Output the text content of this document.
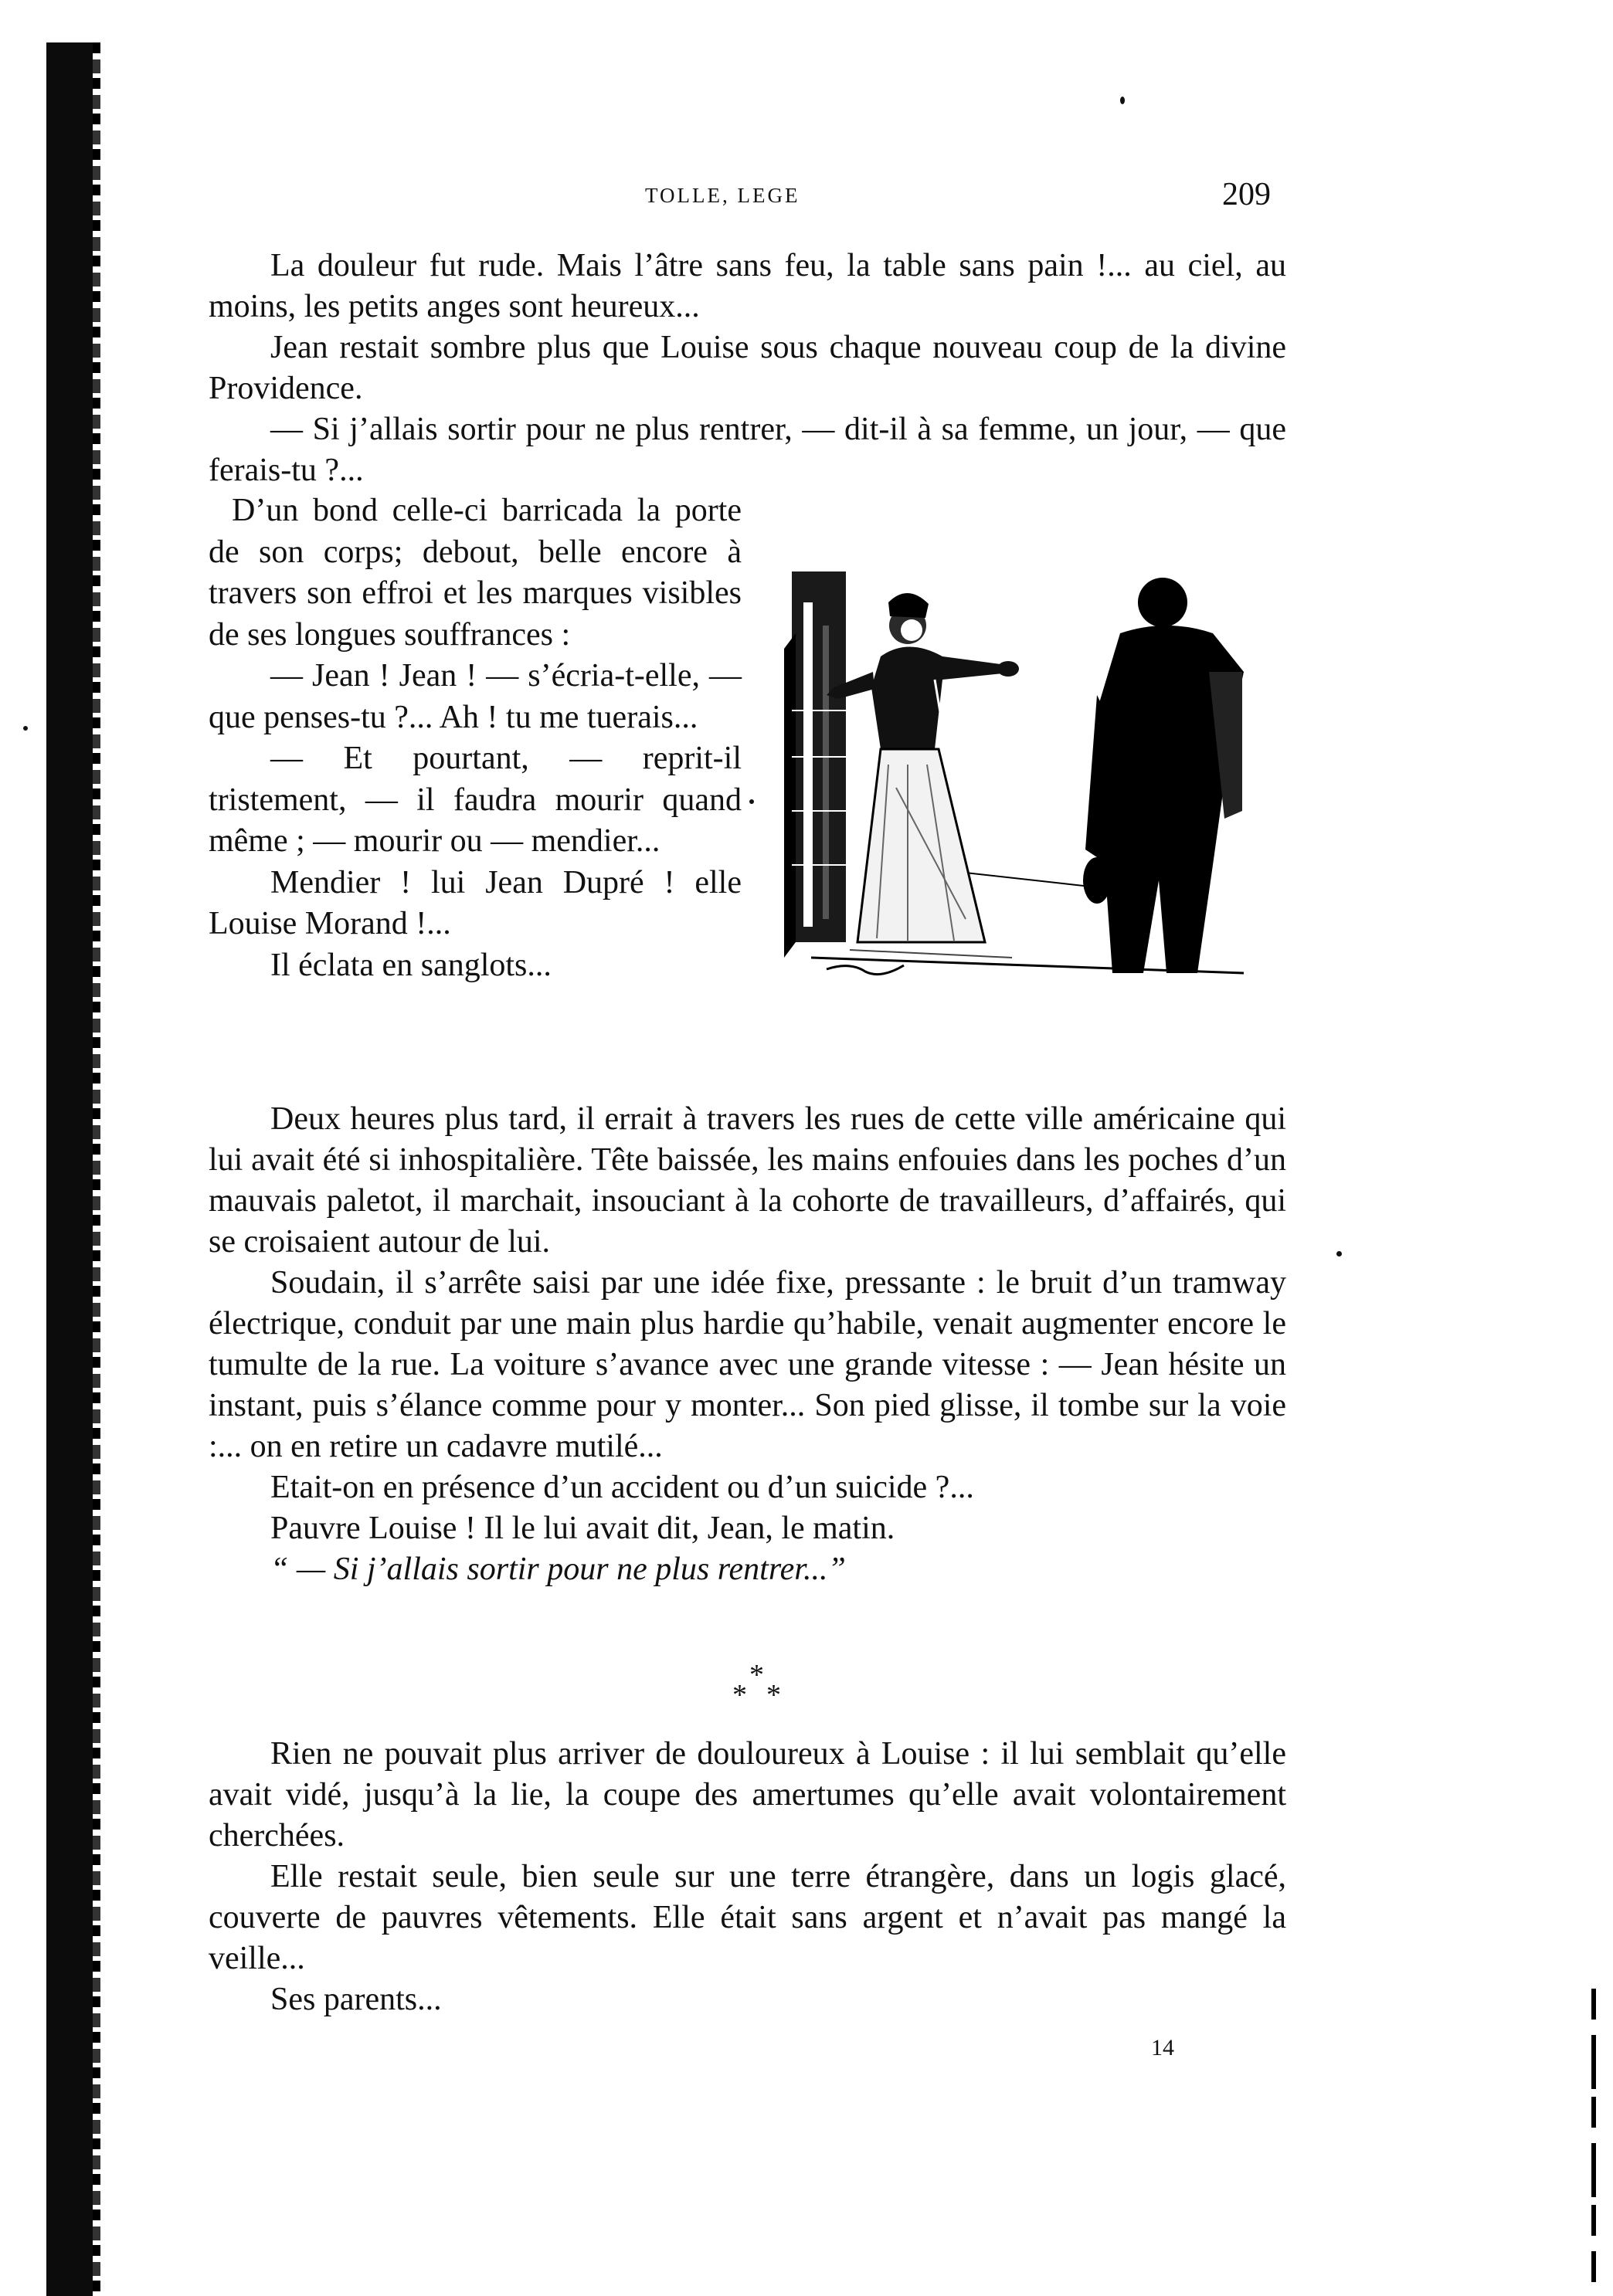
TOLLE, LEGE	209

La douleur fut rude. Mais l’âtre sans feu, la table sans pain !... au ciel, au moins, les petits anges sont heureux...

Jean restait sombre plus que Louise sous chaque nouveau coup de la divine Providence.

— Si j’allais sortir pour ne plus rentrer, — dit-il à sa femme, un jour, — que ferais-tu ?...

D’un bond celle-ci barricada la porte de son corps; debout, belle encore à travers son effroi et les marques visibles de ses longues souffrances :

— Jean ! Jean ! — s’écria-t-elle, — que penses-tu ?... Ah ! tu me tuerais...

— Et pourtant, — reprit-il tristement, — il faudra mourir quand même ; — mourir ou — mendier...

Mendier ! lui Jean Dupré ! elle Louise Morand !...

Il éclata en sanglots...

Deux heures plus tard, il errait à travers les rues de cette ville américaine qui lui avait été si inhospitalière. Tête baissée, les mains enfouies dans les poches d’un mauvais paletot, il marchait, insouciant à la cohorte de travailleurs, d’affairés, qui se croisaient autour de lui.

Soudain, il s’arrête saisi par une idée fixe, pressante : le bruit d’un tramway électrique, conduit par une main plus hardie qu’habile, venait augmenter encore le tumulte de la rue. La voiture s’avance avec une grande vitesse : — Jean hésite un instant, puis s’élance comme pour y monter... Son pied glisse, il tombe sur la voie :... on en retire un cadavre mutilé...

Etait-on en présence d’un accident ou d’un suicide ?...

Pauvre Louise ! Il le lui avait dit, Jean, le matin.

“ — Si j’allais sortir pour ne plus rentrer...”

*
* *

Rien ne pouvait plus arriver de douloureux à Louise : il lui semblait qu’elle avait vidé, jusqu’à la lie, la coupe des amertumes qu’elle avait volontairement cherchées.

Elle restait seule, bien seule sur une terre étrangère, dans un logis glacé, couverte de pauvres vêtements. Elle était sans argent et n’avait pas mangé la veille...

Ses parents...

14
